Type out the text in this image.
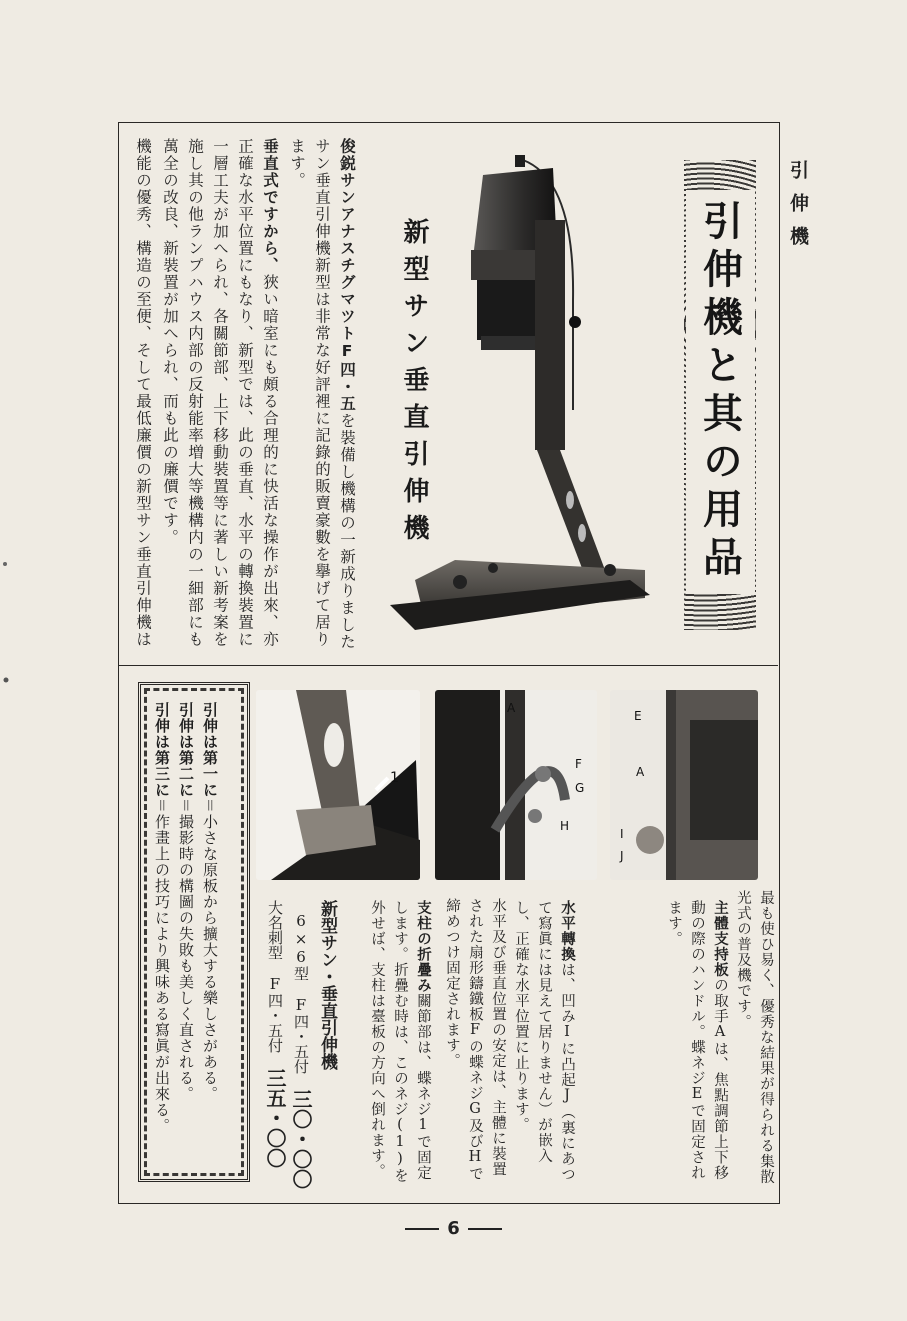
引伸機
引伸機と其の用品
新型サン垂直引伸機

俊鋭サンアナスチグマツトF四・五を裝備し機構の一新成りましたサン垂直引伸機新型は非常な好評裡に記錄的販賣豪數を擧げて居ります。

垂直式ですから、狹い暗室にも頗る合理的に快活な操作が出來、亦正確な水平位置にもなり、新型では、此の垂直、水平の轉換裝置に一層工夫が加へられ、各關節部、上下移動裝置等に著しい新考案を施し其の他ランプハウス内部の反射能率増大等機構内の一細部にも萬全の改良、新裝置が加へられ、而も此の廉價です。

機能の優秀、構造の至便、そして最低廉價の新型サン垂直引伸機は

1
A
F
G
H
E
A
I
J

最も使ひ易く、優秀な結果が得られる集散光式の普及機です。

主體支持板の取手Aは、焦點調節上下移動の際のハンドル。蝶ネジEで固定されます。

水平轉換は、凹みIに凸起J（裏にあつて寫眞には見えて居りません）が嵌入し、正確な水平位置に止ります。

水平及び垂直位置の安定は、主體に裝置された扇形鑄鐵板Fの蝶ネジG及びHで締めつけ固定されます。

支柱の折疊み關節部は、蝶ネジ1で固定します。折疊む時は、このネジ(1)を外せば、支柱は臺板の方向へ倒れます。

新型サン・垂直引伸機
6×6型　F四・五付　三〇・〇〇
大名刺型　F四・五付　三五・〇〇

引伸は第一に＝小さな原板から擴大する樂しさがある。

引伸は第二に＝撮影時の構圖の失敗も美しく直される。

引伸は第三に＝作畫上の技巧により興味ある寫眞が出來る。

6
